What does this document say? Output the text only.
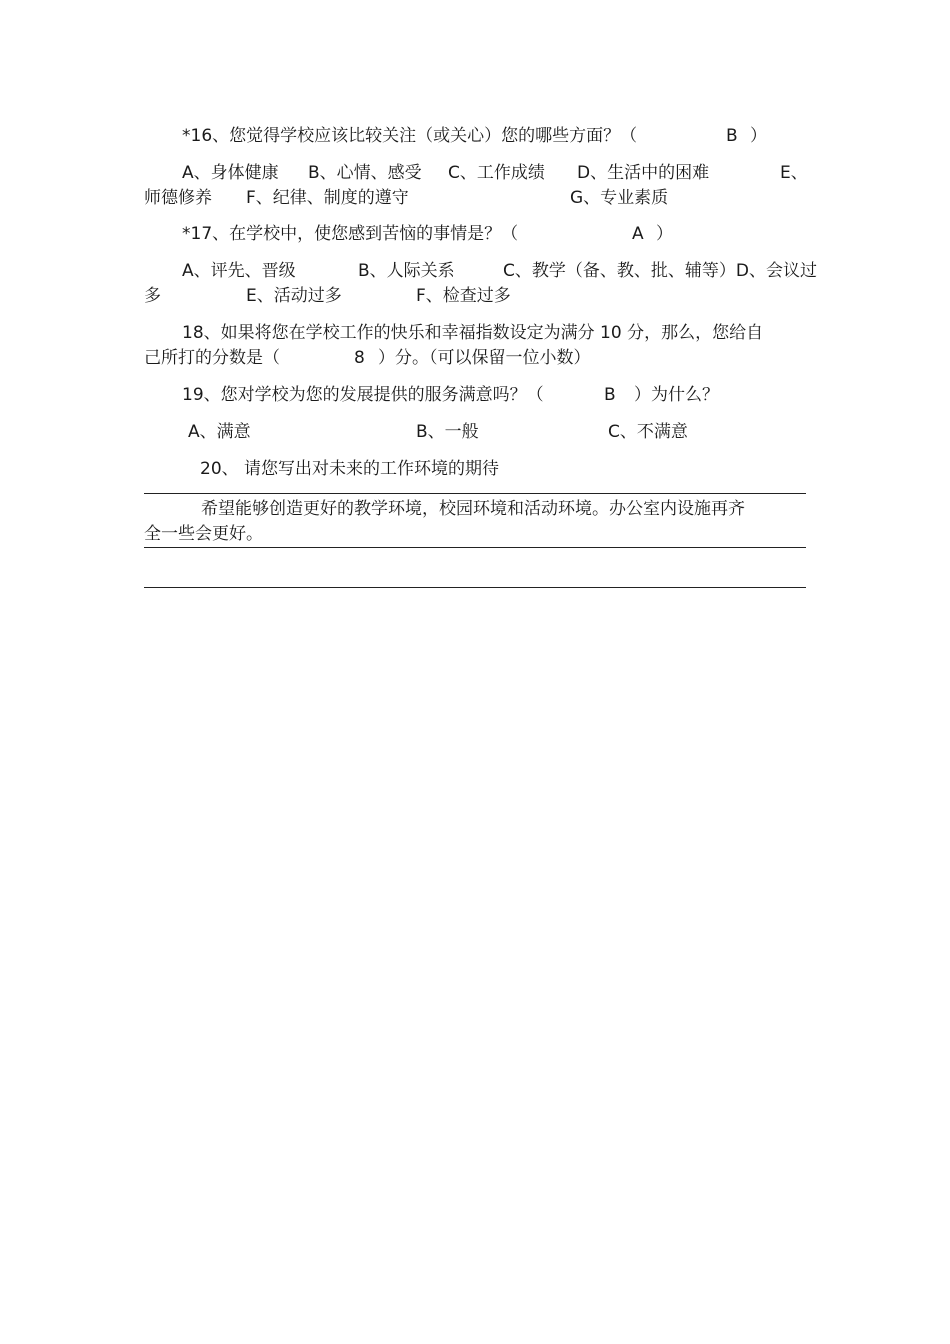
*16、您觉得学校应该比较关注（或关心）您的哪些方面？（	B ）
A、身体健康 B、心情、感受 C、工作成绩 D、生活中的困难	E、
师德修养 F、纪律、制度的遵守	G、专业素质
*17、在学校中，使您感到苦恼的事情是？（	A ）
A、评先、晋级	B、人际关系	C、教学（备、教、批、辅等）D、会议过
多	E、活动过多	F、检查过多
18、如果将您在学校工作的快乐和幸福指数设定为满分 10 分，那么，您给自
己所打的分数是（	8 ）分。（可以保留一位小数）
19、您对学校为您的发展提供的服务满意吗？（	B ）为什么？
A、满意	B、一般	C、不满意
20、 请您写出对未来的工作环境的期待
希望能够创造更好的教学环境，校园环境和活动环境。办公室内设施再齐
全一些会更好。
